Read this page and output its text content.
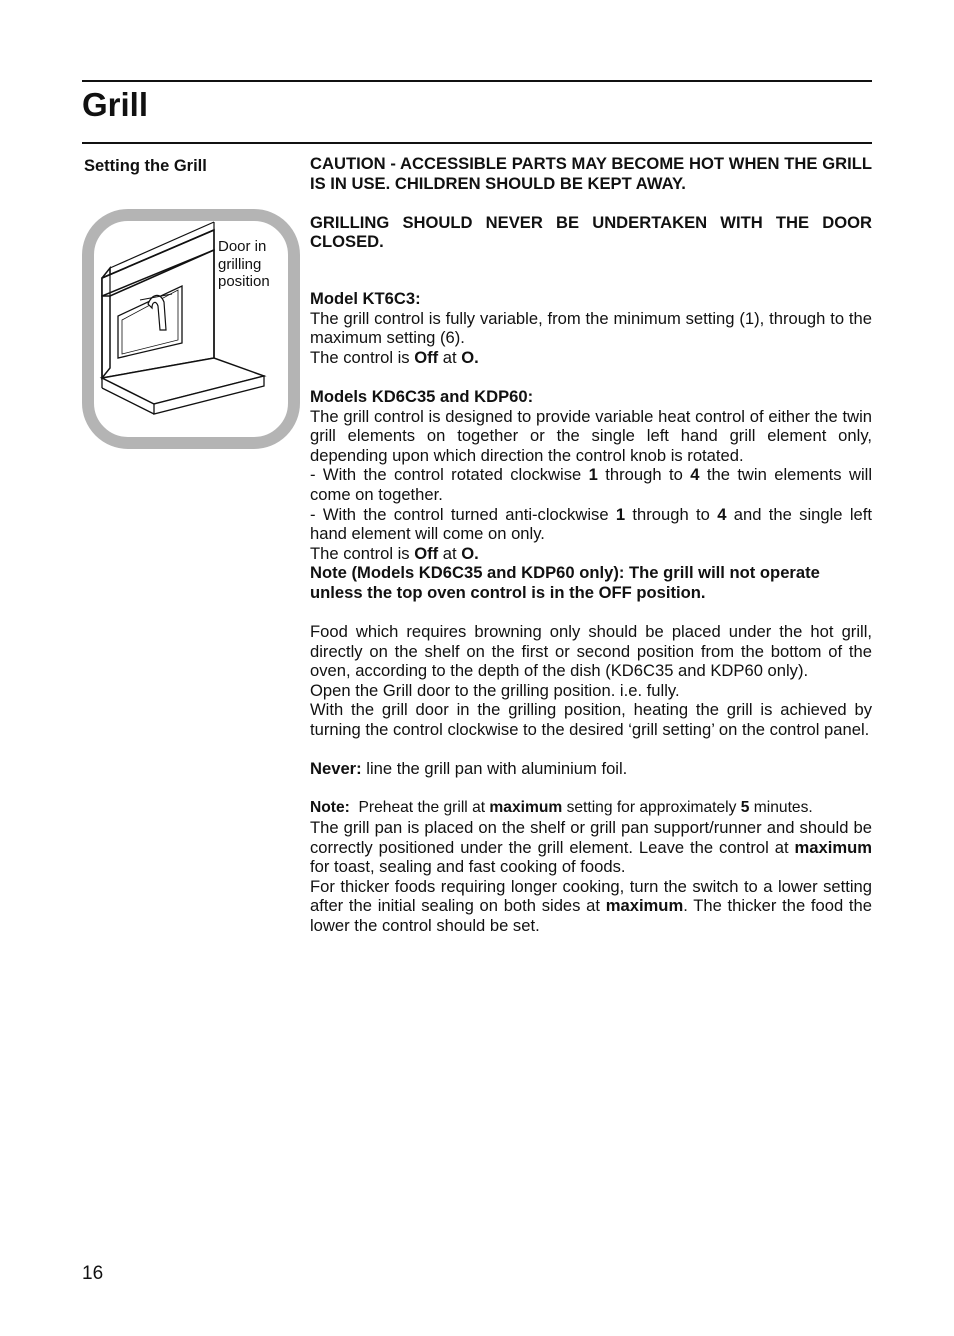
Grill
Setting the Grill
Door in
grilling
position

CAUTION - ACCESSIBLE PARTS MAY BECOME HOT WHEN THE GRILL IS IN USE. CHILDREN SHOULD BE KEPT AWAY.

GRILLING SHOULD NEVER BE UNDERTAKEN WITH THE DOOR CLOSED.

Model KT6C3:

The grill control is fully variable, from the minimum setting (1), through to the maximum setting (6).

The control is Off at O.

Models KD6C35 and KDP60:

The grill control is designed to provide variable heat control of either the twin grill elements on together or the single left hand grill element only, depending upon which direction the control knob is rotated.

- With the control rotated clockwise 1 through to 4 the twin elements will come on together.

- With the control turned anti-clockwise 1 through to 4 and the single left hand element will come on only.

The control is Off at O.

Note (Models KD6C35 and KDP60 only): The grill will not operate unless the top oven control is in the OFF position.

Food which requires browning only should be placed under the hot grill, directly on the shelf on the first or second position from the bottom of the oven, according to the depth of the dish (KD6C35 and KDP60 only).

Open the Grill door to the grilling position. i.e. fully.

With the grill door in the grilling position, heating the grill is achieved by turning the control clockwise to the desired ‘grill setting’ on the control panel.

Never: line the grill pan with aluminium foil.

Note:  Preheat the grill at maximum setting for approximately 5 minutes.

The grill pan is placed on the shelf or grill pan support/runner and should be correctly positioned under the grill element. Leave the control at maximum for toast, sealing and fast cooking of foods.

For thicker foods requiring longer cooking, turn the switch to a lower setting after the initial sealing on both sides at maximum. The thicker the food the lower the control should be set.

16
